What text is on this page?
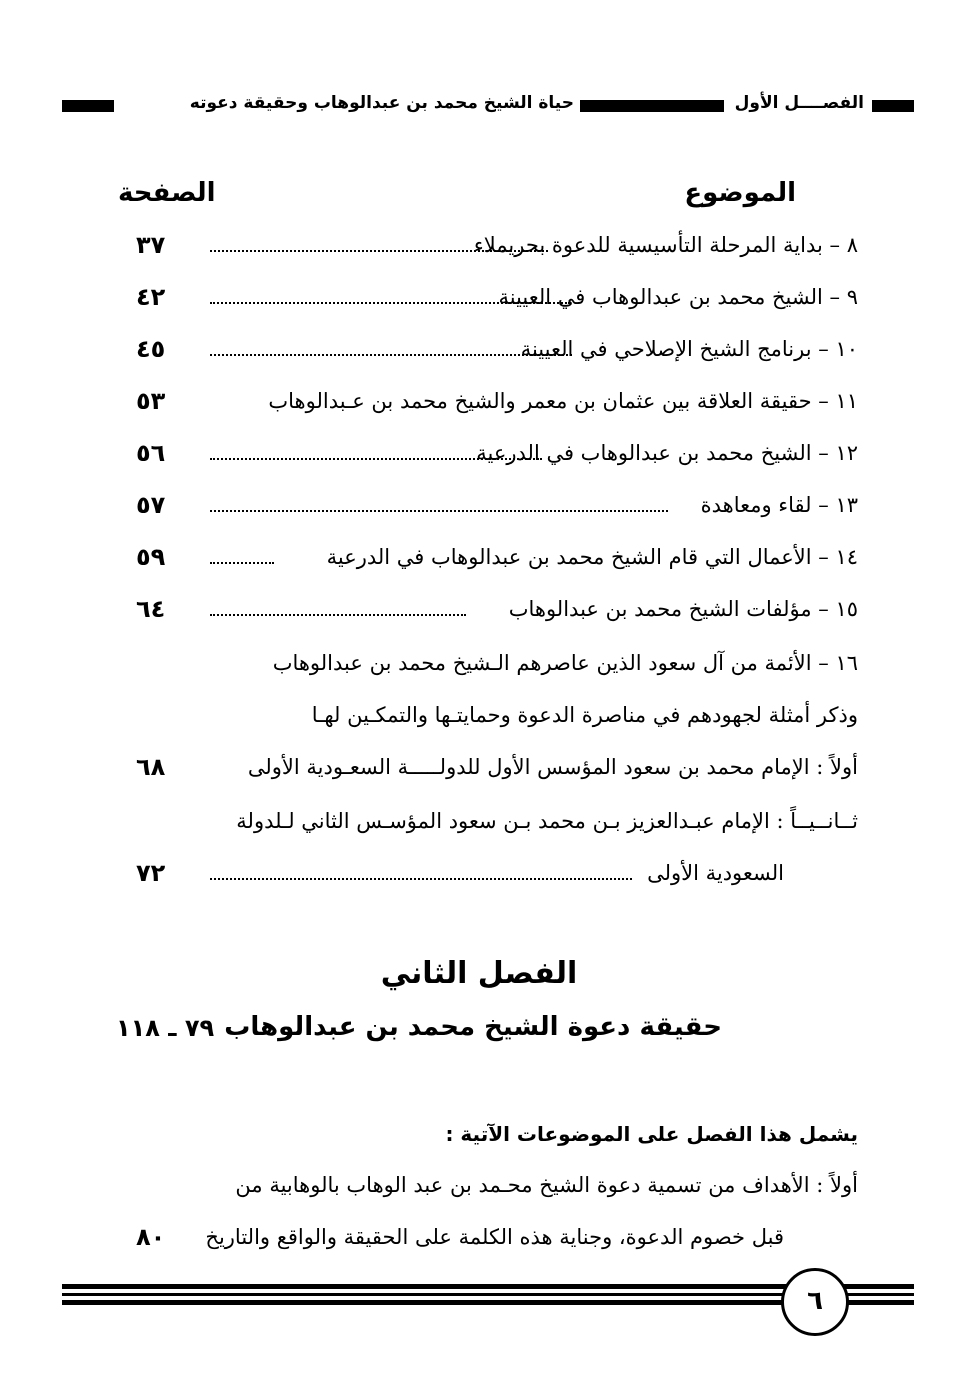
الفصــــل الأول
حياة الشيخ محمد بن عبدالوهاب وحقيقة دعوته
الموضوع
الصفحة
٨ – بداية المرحلة التأسيسية للدعوة بحريملاء
٣٧
٩ – الشيخ محمد بن عبدالوهاب في العيينة
٤٢
١٠ – برنامج الشيخ الإصلاحي في العيينة
٤٥
١١ – حقيقة العلاقة بين عثمان بن معمر والشيخ محمد بن عـبدالوهاب
٥٣
١٢ – الشيخ محمد بن عبدالوهاب في الدرعية
٥٦
١٣ – لقاء ومعاهدة
٥٧
١٤ – الأعمال التي قام الشيخ محمد بن عبدالوهاب في الدرعية
٥٩
١٥ – مؤلفات الشيخ محمد بن عبدالوهاب
٦٤
١٦ – الأئمة من آل سعود الذين عاصرهم الـشيخ محمد بن عبدالوهاب
وذكر أمثلة لجهودهم في مناصرة الدعوة وحمايتـها والتمكـين لهـا
أولاً : الإمام محمد بن سعود المؤسس الأول للدولـــــة السعـودية الأولى
٦٨
ثــانــيــاً : الإمام عبـدالعزيز بـن محمد بـن سعود المؤسـس الثاني لـلدولة
السعودية الأولى
٧٢
الفصل الثاني
حقيقة دعوة الشيخ محمد بن عبدالوهاب
٧٩ ـ ١١٨
يشمل هذا الفصل على الموضوعات الآتية :
أولاً : الأهداف من تسمية دعوة الشيخ محـمد بن عبد الوهاب بالوهابية من
قبل خصوم الدعوة، وجناية هذه الكلمة على الحقيقة والواقع والتاريخ
٨٠
٦
